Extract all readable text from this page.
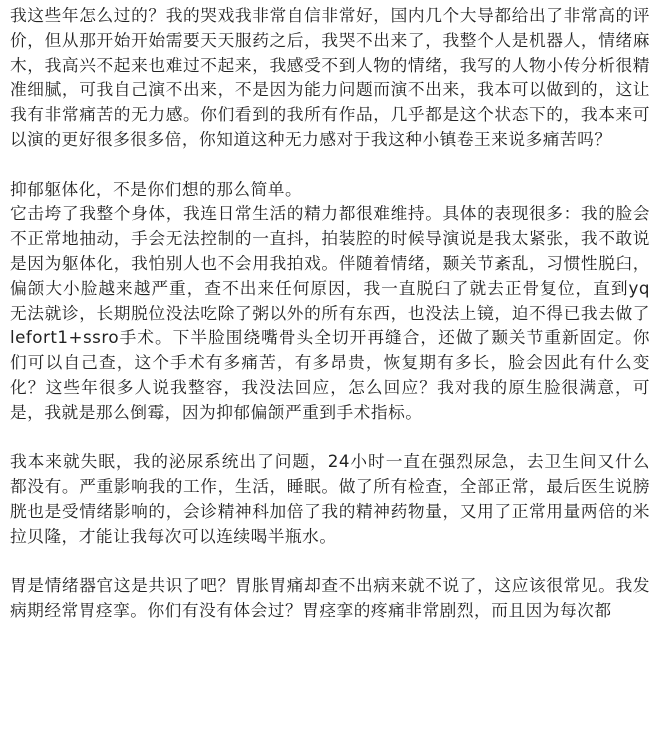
我这些年怎么过的？我的哭戏我非常自信非常好，国内几个大导都给出了非常高的评价，但从那开始开始需要天天服药之后，我哭不出来了，我整个人是机器人，情绪麻木，我高兴不起来也难过不起来，我感受不到人物的情绪，我写的人物小传分析很精准细腻，可我自己演不出来，不是因为能力问题而演不出来，我本可以做到的，这让我有非常痛苦的无力感。你们看到的我所有作品，几乎都是这个状态下的，我本来可以演的更好很多很多倍，你知道这种无力感对于我这种小镇卷王来说多痛苦吗？

抑郁躯体化，不是你们想的那么简单。

它击垮了我整个身体，我连日常生活的精力都很难维持。具体的表现很多：我的脸会不正常地抽动，手会无法控制的一直抖，拍装腔的时候导演说是我太紧张，我不敢说是因为躯体化，我怕别人也不会用我拍戏。伴随着情绪，颞关节紊乱，习惯性脱臼，偏颌大小脸越来越严重，查不出来任何原因，我一直脱臼了就去正骨复位，直到yq无法就诊，长期脱位没法吃除了粥以外的所有东西，也没法上镜，迫不得已我去做了lefort1+ssro手术。下半脸围绕嘴骨头全切开再缝合，还做了颞关节重新固定。你们可以自己查，这个手术有多痛苦，有多昂贵，恢复期有多长，脸会因此有什么变化？这些年很多人说我整容，我没法回应，怎么回应？我对我的原生脸很满意，可是，我就是那么倒霉，因为抑郁偏颌严重到手术指标。

我本来就失眠，我的泌尿系统出了问题，24小时一直在强烈尿急，去卫生间又什么都没有。严重影响我的工作，生活，睡眠。做了所有检查，全部正常，最后医生说膀胱也是受情绪影响的，会诊精神科加倍了我的精神药物量，又用了正常用量两倍的米拉贝隆，才能让我每次可以连续喝半瓶水。

胃是情绪器官这是共识了吧？胃胀胃痛却查不出病来就不说了，这应该很常见。我发病期经常胃痉挛。你们有没有体会过？胃痉挛的疼痛非常剧烈，而且因为每次都
